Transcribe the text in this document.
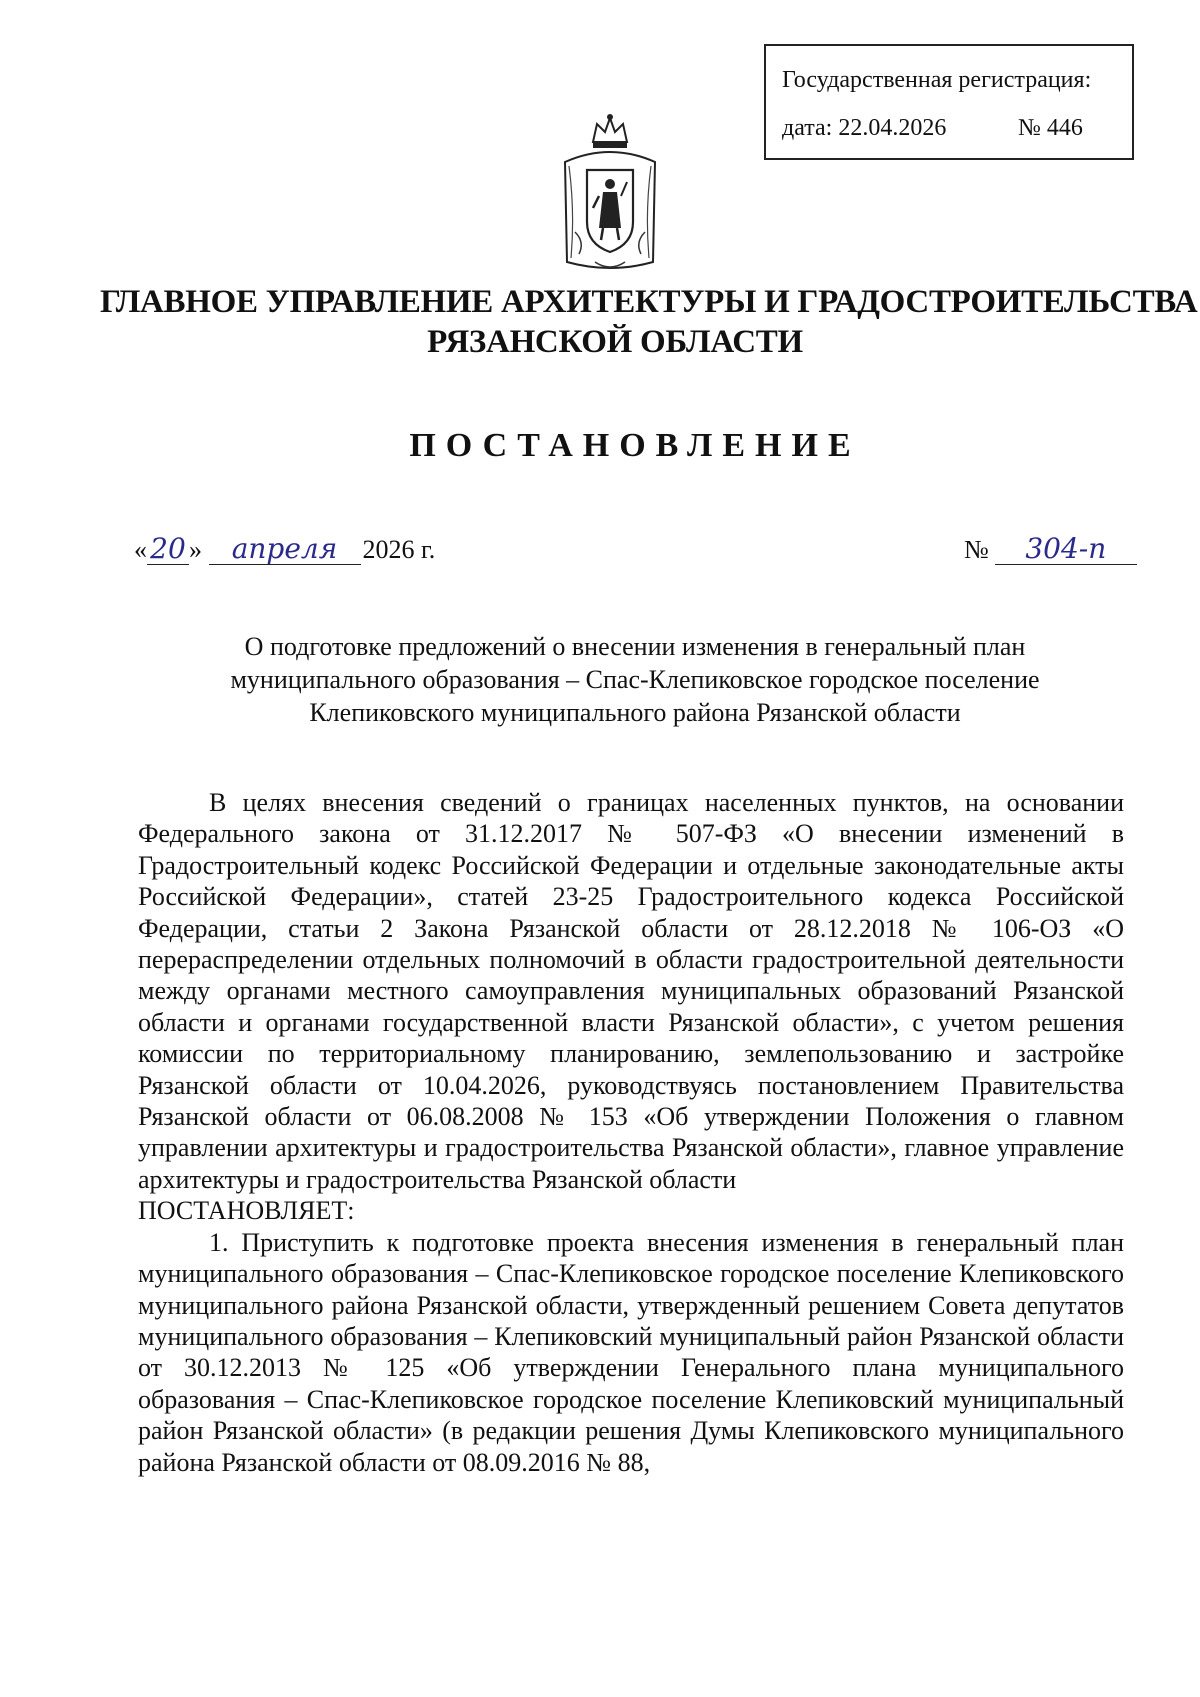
Государственная регистрация:
дата: 22.04.2026	№ 446
ГЛАВНОЕ УПРАВЛЕНИЕ АРХИТЕКТУРЫ И ГРАДОСТРОИТЕЛЬСТВА
РЯЗАНСКОЙ ОБЛАСТИ
ПОСТАНОВЛЕНИЕ
« 20 » апреля 2026 г.	№ 304-п
О подготовке предложений о внесении изменения в генеральный план
муниципального образования – Спас-Клепиковское городское поселение
Клепиковского муниципального района Рязанской области

В целях внесения сведений о границах населенных пунктов, на основании Федерального закона от 31.12.2017 № 507-ФЗ «О внесении изменений в Градостроительный кодекс Российской Федерации и отдельные законодательные акты Российской Федерации», статей 23-25 Градостроительного кодекса Российской Федерации, статьи 2 Закона Рязанской области от 28.12.2018 № 106-ОЗ «О перераспределении отдельных полномочий в области градостроительной деятельности между органами местного самоуправления муниципальных образований Рязанской области и органами государственной власти Рязанской области», с учетом решения комиссии по территориальному планированию, землепользованию и застройке Рязанской области от 10.04.2026, руководствуясь постановлением Правительства Рязанской области от 06.08.2008 № 153 «Об утверждении Положения о главном управлении архитектуры и градостроительства Рязанской области», главное управление архитектуры и градостроительства Рязанской области

ПОСТАНОВЛЯЕТ:

1. Приступить к подготовке проекта внесения изменения в генеральный план муниципального образования – Спас-Клепиковское городское поселение Клепиковского муниципального района Рязанской области, утвержденный решением Совета депутатов муниципального образования – Клепиковский муниципальный район Рязанской области от 30.12.2013 № 125 «Об утверждении Генерального плана муниципального образования – Спас-Клепиковское городское поселение Клепиковский муниципальный район Рязанской области» (в редакции решения Думы Клепиковского муниципального района Рязанской области от 08.09.2016 № 88,
